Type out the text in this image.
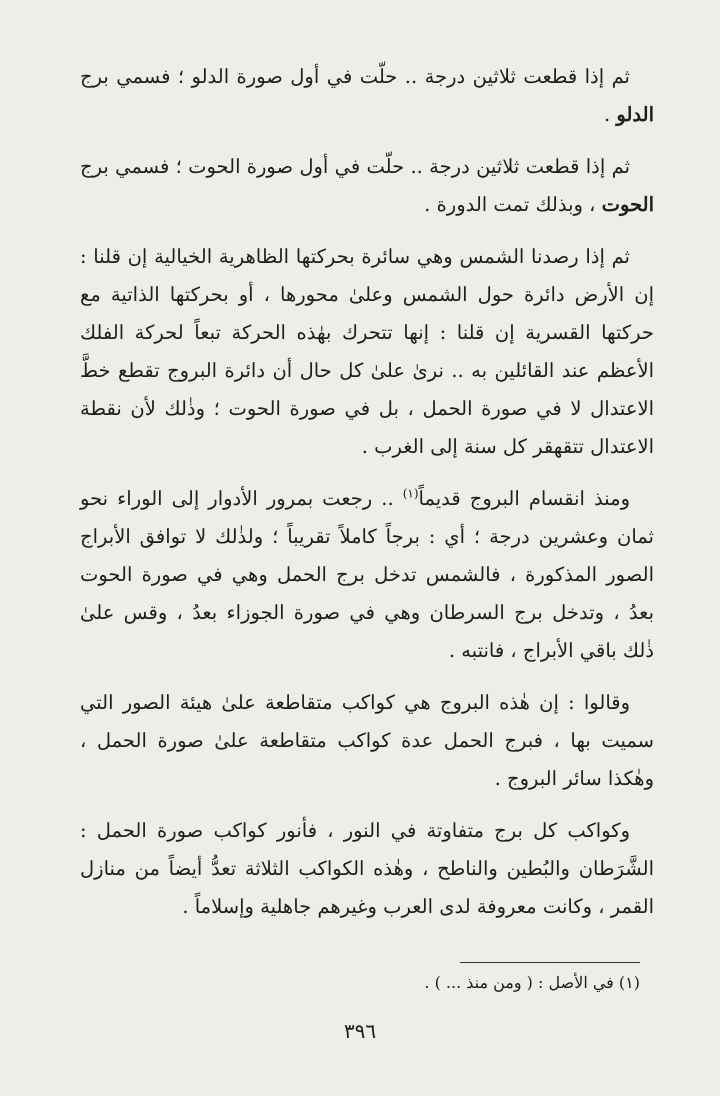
ثم إذا قطعت ثلاثين درجة .. حلّت في أول صورة الدلو ؛ فسمي برج الدلو .

ثم إذا قطعت ثلاثين درجة .. حلّت في أول صورة الحوت ؛ فسمي برج الحوت ، وبذلك تمت الدورة .

ثم إذا رصدنا الشمس وهي سائرة بحركتها الظاهرية الخيالية إن قلنا : إن الأرض دائرة حول الشمس وعلىٰ محورها ، أو بحركتها الذاتية مع حركتها القسرية إن قلنا : إنها تتحرك بهٰذه الحركة تبعاً لحركة الفلك الأعظم عند القائلين به .. نرىٰ علىٰ كل حال أن دائرة البروج تقطع خطَّ الاعتدال لا في صورة الحمل ، بل في صورة الحوت ؛ وذٰلك لأن نقطة الاعتدال تتقهقر كل سنة إلى الغرب .

ومنذ انقسام البروج قديماً$^{(١)}$ .. رجعت بمرور الأدوار إلى الوراء نحو ثمان وعشرين درجة ؛ أي : برجاً كاملاً تقريباً ؛ ولذٰلك لا توافق الأبراج الصور المذكورة ، فالشمس تدخل برج الحمل وهي في صورة الحوت بعدُ ، وتدخل برج السرطان وهي في صورة الجوزاء بعدُ ، وقس علىٰ ذٰلك باقي الأبراج ، فانتبه .

وقالوا : إن هٰذه البروج هي كواكب متقاطعة علىٰ هيئة الصور التي سميت بها ، فبرج الحمل عدة كواكب متقاطعة علىٰ صورة الحمل ، وهٰكذا سائر البروج .

وكواكب كل برج متفاوتة في النور ، فأنور كواكب صورة الحمل : الشَّرَطان والبُطين والناطح ، وهٰذه الكواكب الثلاثة تعدُّ أيضاً من منازل القمر ، وكانت معروفة لدى العرب وغيرهم جاهلية وإسلاماً .

(١) في الأصل : ( ومن منذ ... ) .
٣٩٦
